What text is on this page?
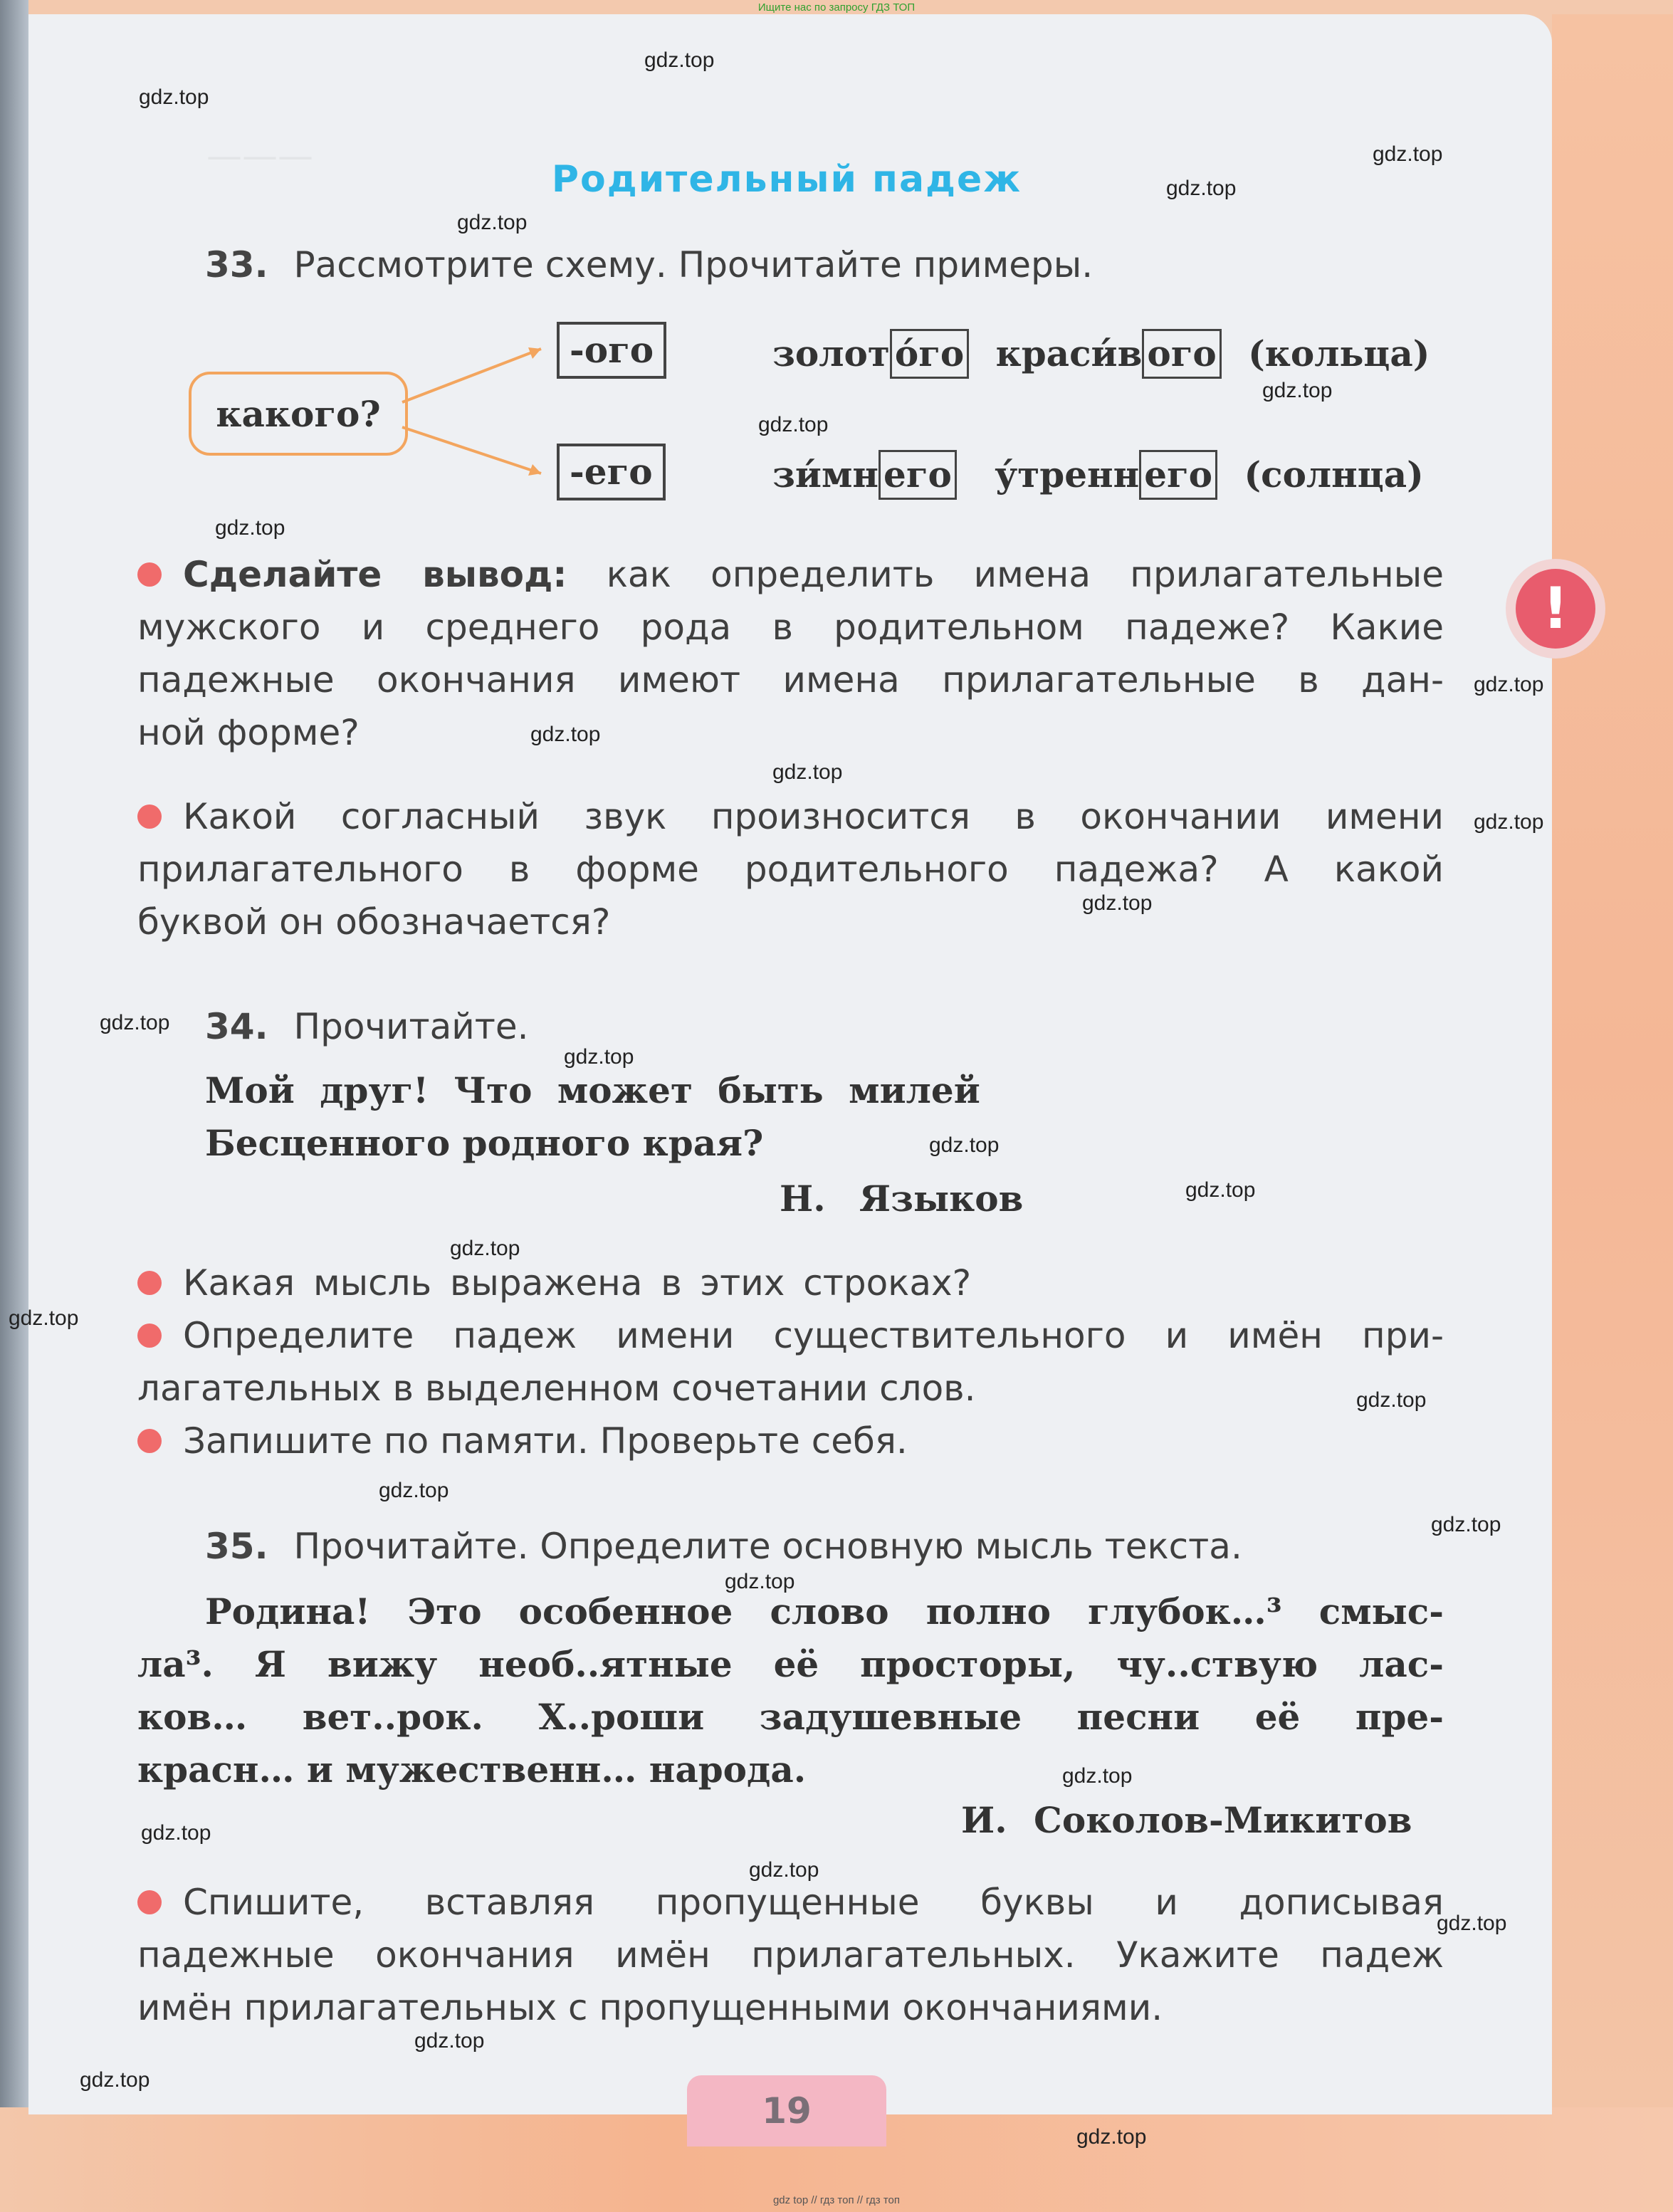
———
Ищите нас по запросу ГДЗ ТОП
Родительный падеж
33. Рассмотрите схему. Прочитайте примеры.
какого?
-ого
-его
золот о́го краси́в ого (кольца)
зи́мн его у́тренн его (солнца)
Сделайте вывод: как определить имена прилагательные
мужского и среднего рода в родительном падеже? Какие
падежные окончания имеют имена прилагательные в дан-
ной форме?
Какой согласный звук произносится в окончании имени
прилагательного в форме родительного падежа? А какой
буквой он обозначается?
!
34. Прочитайте.
Мой друг! Что может быть милей
Бесценного родного края?
Н. Языков
Какая мысль выражена в этих строках?
Определите падеж имени существительного и имён при-
лагательных в выделенном сочетании слов.
Запишите по памяти. Проверьте себя.
35. Прочитайте. Определите основную мысль текста.
Родина! Это особенное слово полно глубок…³ смыс-
ла³. Я вижу необ..ятные её просторы, чу..ствую лас-
ков… вет..рок. Х..роши задушевные песни её пре-
красн… и мужественн… народа.
И. Соколов-Микитов
Спишите, вставляя пропущенные буквы и дописывая
падежные окончания имён прилагательных. Укажите падеж
имён прилагательных с пропущенными окончаниями.
19
gdz.top
gdz.top
gdz.top
gdz.top
gdz.top
gdz.top
gdz.top
gdz.top
gdz.top
gdz.top
gdz.top
gdz.top
gdz.top
gdz.top
gdz.top
gdz.top
gdz.top
gdz.top
gdz.top
gdz.top
gdz.top
gdz.top
gdz.top
gdz.top
gdz.top
gdz.top
gdz.top
gdz.top
gdz.top
gdz.top
gdz top // гдз топ // гдз топ
